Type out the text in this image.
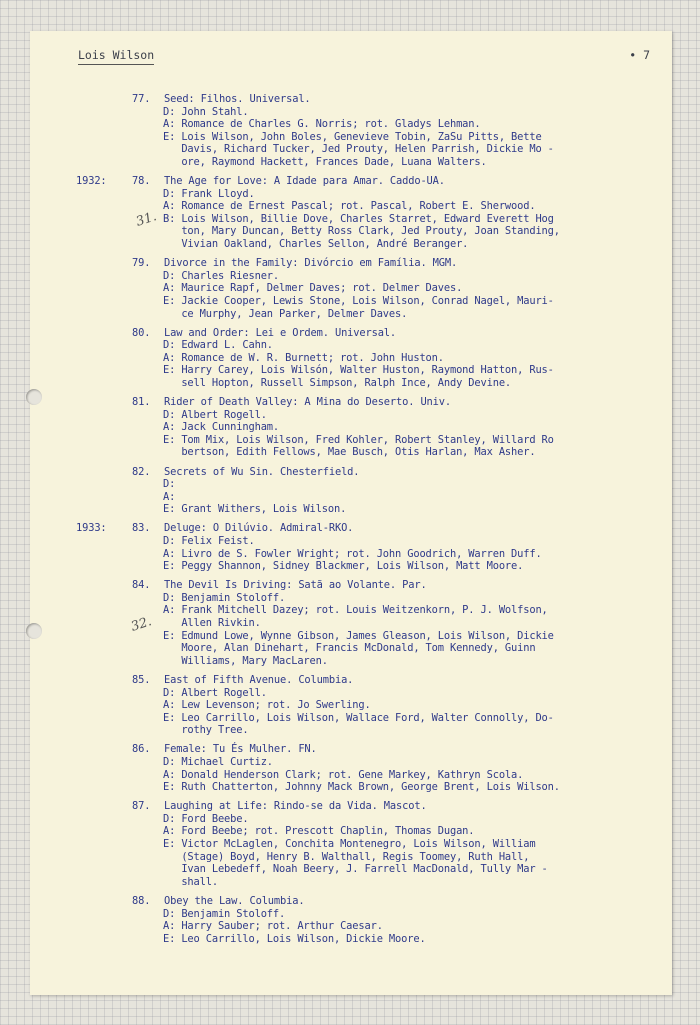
Lois Wilson	• 7
31.
32.
77. Seed: Filhos. Universal.
D: John Stahl.
A: Romance de Charles G. Norris; rot. Gladys Lehman.
E: Lois Wilson, John Boles, Genevieve Tobin, ZaSu Pitts, Bette
Davis, Richard Tucker, Jed Prouty, Helen Parrish, Dickie Mo -
ore, Raymond Hackett, Frances Dade, Luana Walters.
1932: 78. The Age for Love: A Idade para Amar. Caddo-UA.
D: Frank Lloyd.
A: Romance de Ernest Pascal; rot. Pascal, Robert E. Sherwood.
B: Lois Wilson, Billie Dove, Charles Starret, Edward Everett Hog
ton, Mary Duncan, Betty Ross Clark, Jed Prouty, Joan Standing,
Vivian Oakland, Charles Sellon, André Beranger.
79. Divorce in the Family: Divórcio em Família. MGM.
D: Charles Riesner.
A: Maurice Rapf, Delmer Daves; rot. Delmer Daves.
E: Jackie Cooper, Lewis Stone, Lois Wilson, Conrad Nagel, Mauri-
ce Murphy, Jean Parker, Delmer Daves.
80. Law and Order: Lei e Ordem. Universal.
D: Edward L. Cahn.
A: Romance de W. R. Burnett; rot. John Huston.
E: Harry Carey, Lois Wilsón, Walter Huston, Raymond Hatton, Rus-
sell Hopton, Russell Simpson, Ralph Ince, Andy Devine.
81. Rider of Death Valley: A Mina do Deserto. Univ.
D: Albert Rogell.
A: Jack Cunningham.
E: Tom Mix, Lois Wilson, Fred Kohler, Robert Stanley, Willard Ro
bertson, Edith Fellows, Mae Busch, Otis Harlan, Max Asher.
82. Secrets of Wu Sin. Chesterfield.
D:
A:
E: Grant Withers, Lois Wilson.
1933: 83. Deluge: O Dilúvio. Admiral-RKO.
D: Felix Feist.
A: Livro de S. Fowler Wright; rot. John Goodrich, Warren Duff.
E: Peggy Shannon, Sidney Blackmer, Lois Wilson, Matt Moore.
84. The Devil Is Driving: Satã ao Volante. Par.
D: Benjamin Stoloff.
A: Frank Mitchell Dazey; rot. Louis Weitzenkorn, P. J. Wolfson,
Allen Rivkin.
E: Edmund Lowe, Wynne Gibson, James Gleason, Lois Wilson, Dickie
Moore, Alan Dinehart, Francis McDonald, Tom Kennedy, Guinn
Williams, Mary MacLaren.
85. East of Fifth Avenue. Columbia.
D: Albert Rogell.
A: Lew Levenson; rot. Jo Swerling.
E: Leo Carrillo, Lois Wilson, Wallace Ford, Walter Connolly, Do-
rothy Tree.
86. Female: Tu És Mulher. FN.
D: Michael Curtiz.
A: Donald Henderson Clark; rot. Gene Markey, Kathryn Scola.
E: Ruth Chatterton, Johnny Mack Brown, George Brent, Lois Wilson.
87. Laughing at Life: Rindo-se da Vida. Mascot.
D: Ford Beebe.
A: Ford Beebe; rot. Prescott Chaplin, Thomas Dugan.
E: Victor McLaglen, Conchita Montenegro, Lois Wilson, William
(Stage) Boyd, Henry B. Walthall, Regis Toomey, Ruth Hall,
Ivan Lebedeff, Noah Beery, J. Farrell MacDonald, Tully Mar -
shall.
88. Obey the Law. Columbia.
D: Benjamin Stoloff.
A: Harry Sauber; rot. Arthur Caesar.
E: Leo Carrillo, Lois Wilson, Dickie Moore.
